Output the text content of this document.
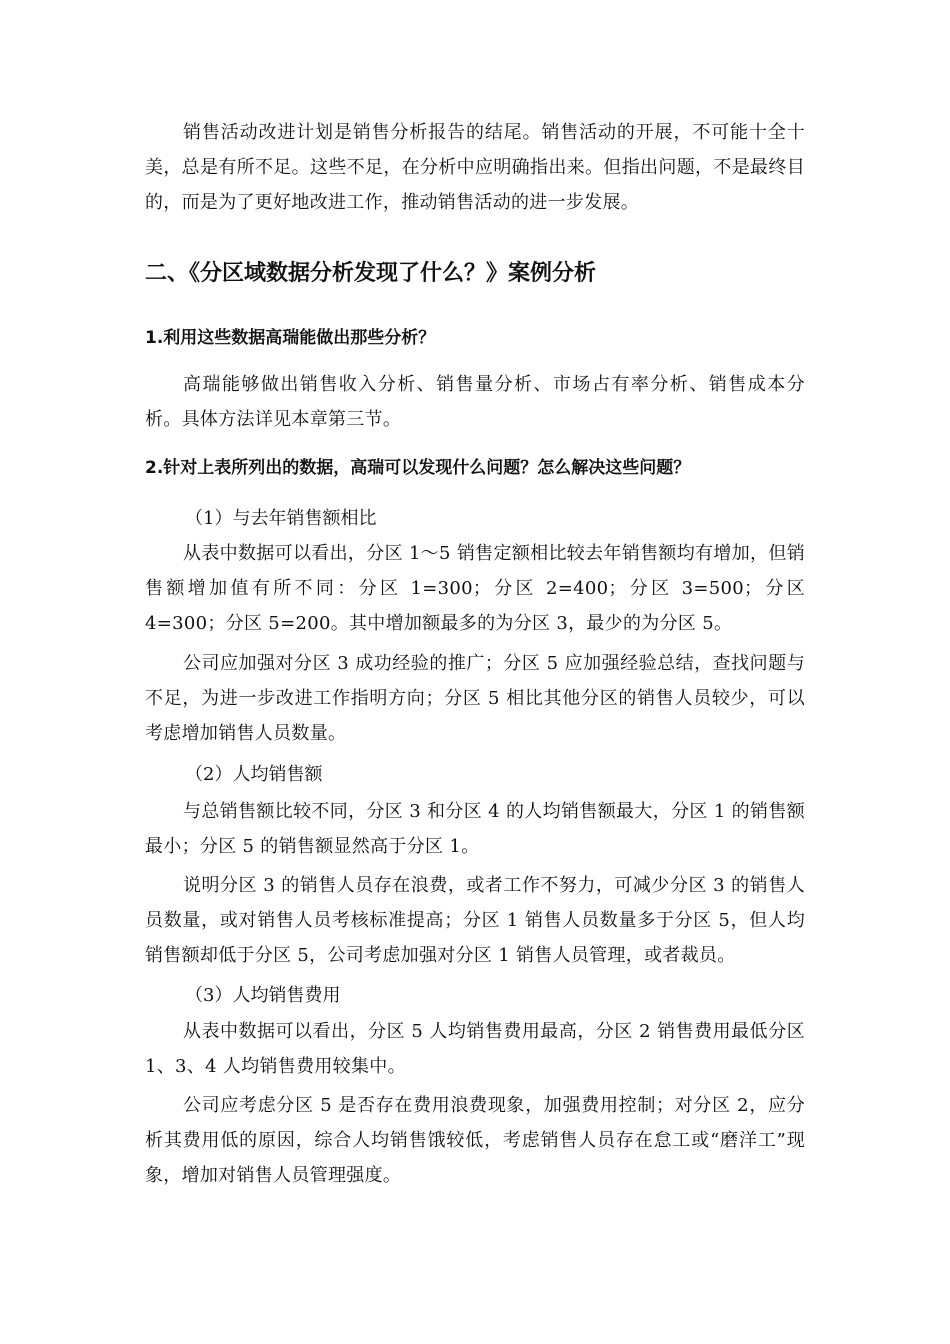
销售活动改进计划是销售分析报告的结尾。销售活动的开展，不可能十全十美，总是有所不足。这些不足，在分析中应明确指出来。但指出问题，不是最终目的，而是为了更好地改进工作，推动销售活动的进一步发展。
二、《分区域数据分析发现了什么？》案例分析
1.利用这些数据高瑞能做出那些分析？
高瑞能够做出销售收入分析、销售量分析、市场占有率分析、销售成本分析。具体方法详见本章第三节。
2.针对上表所列出的数据，高瑞可以发现什么问题？怎么解决这些问题？
（1）与去年销售额相比
从表中数据可以看出，分区 1～5 销售定额相比较去年销售额均有增加，但销售额增加值有所不同：分区 1=300；分区 2=400；分区 3=500；分区 4=300；分区 5=200。其中增加额最多的为分区 3，最少的为分区 5。
公司应加强对分区 3 成功经验的推广；分区 5 应加强经验总结，查找问题与不足，为进一步改进工作指明方向；分区 5 相比其他分区的销售人员较少，可以考虑增加销售人员数量。
（2）人均销售额
与总销售额比较不同，分区 3 和分区 4 的人均销售额最大，分区 1 的销售额最小；分区 5 的销售额显然高于分区 1。
说明分区 3 的销售人员存在浪费，或者工作不努力，可减少分区 3 的销售人员数量，或对销售人员考核标准提高；分区 1 销售人员数量多于分区 5，但人均销售额却低于分区 5，公司考虑加强对分区 1 销售人员管理，或者裁员。
（3）人均销售费用
从表中数据可以看出，分区 5 人均销售费用最高，分区 2 销售费用最低分区 1、3、4 人均销售费用较集中。
公司应考虑分区 5 是否存在费用浪费现象，加强费用控制；对分区 2，应分析其费用低的原因，综合人均销售饿较低，考虑销售人员存在怠工或“磨洋工”现象，增加对销售人员管理强度。
